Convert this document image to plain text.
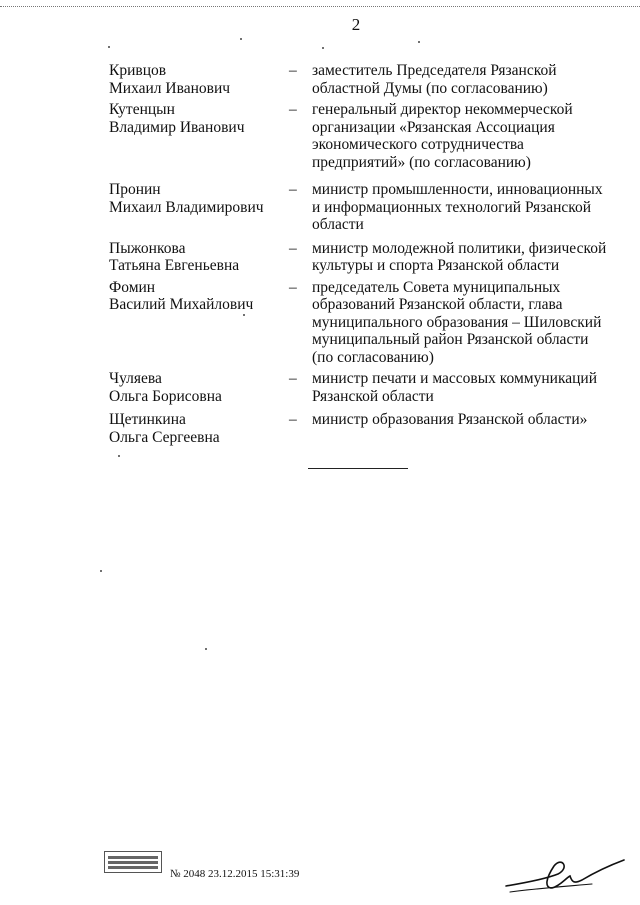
2
Кривцов
Михаил Иванович
– заместитель Председателя Рязанской
областной Думы (по согласованию)
Кутенцын
Владимир Иванович
– генеральный директор некоммерческой
организации «Рязанская Ассоциация
экономического сотрудничества
предприятий» (по согласованию)
Пронин
Михаил Владимирович
– министр промышленности, инновационных
и информационных технологий Рязанской
области
Пыжонкова
Татьяна Евгеньевна
– министр молодежной политики, физической
культуры и спорта Рязанской области
Фомин
Василий Михайлович
– председатель Совета муниципальных
образований Рязанской области, глава
муниципального образования – Шиловский
муниципальный район Рязанской области
(по согласованию)
Чуляева
Ольга Борисовна
– министр печати и массовых коммуникаций
Рязанской области
Щетинкина
Ольга Сергеевна
– министр образования Рязанской области»
№ 2048 23.12.2015 15:31:39
